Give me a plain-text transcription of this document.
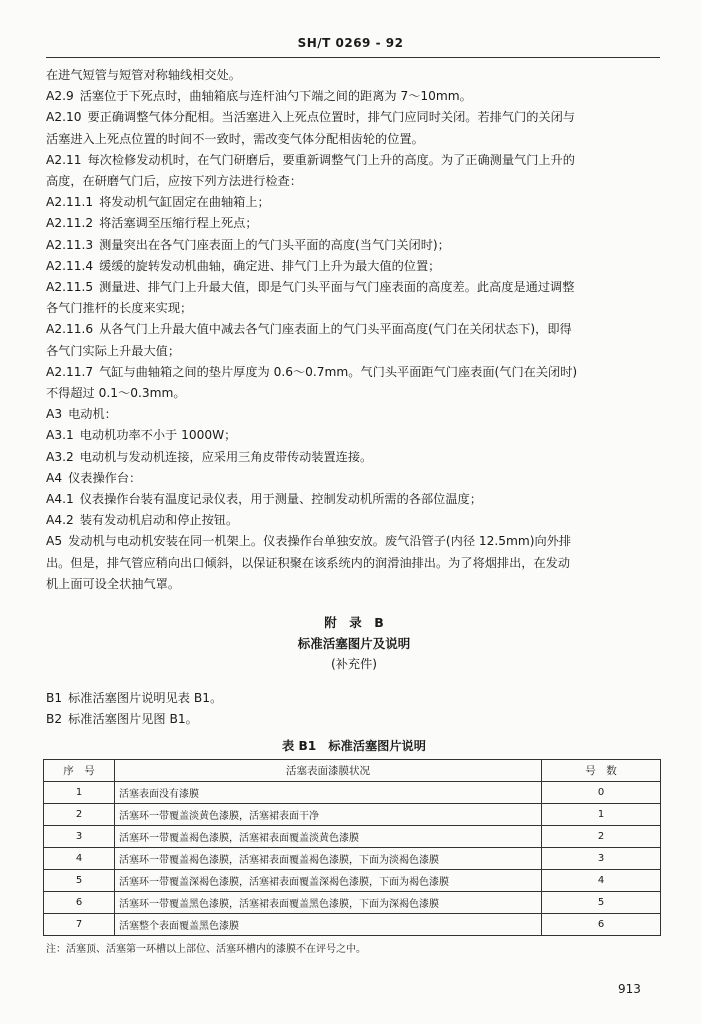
SH/T 0269 - 92

在进气短管与短管对称轴线相交处。

A2.9 活塞位于下死点时，曲轴箱底与连杆油勺下端之间的距离为 7～10mm。

A2.10 要正确调整气体分配相。当活塞进入上死点位置时，排气门应同时关闭。若排气门的关闭与

活塞进入上死点位置的时间不一致时，需改变气体分配相齿轮的位置。

A2.11 每次检修发动机时，在气门研磨后，要重新调整气门上升的高度。为了正确测量气门上升的

高度，在研磨气门后，应按下列方法进行检查：

A2.11.1 将发动机气缸固定在曲轴箱上；

A2.11.2 将活塞调至压缩行程上死点；

A2.11.3 测量突出在各气门座表面上的气门头平面的高度(当气门关闭时)；

A2.11.4 缓缓的旋转发动机曲轴，确定进、排气门上升为最大值的位置；

A2.11.5 测量进、排气门上升最大值，即是气门头平面与气门座表面的高度差。此高度是通过调整

各气门推杆的长度来实现；

A2.11.6 从各气门上升最大值中减去各气门座表面上的气门头平面高度(气门在关闭状态下)，即得

各气门实际上升最大值；

A2.11.7 气缸与曲轴箱之间的垫片厚度为 0.6～0.7mm。气门头平面距气门座表面(气门在关闭时)

不得超过 0.1～0.3mm。

A3 电动机：

A3.1 电动机功率不小于 1000W；

A3.2 电动机与发动机连接，应采用三角皮带传动装置连接。

A4 仪表操作台：

A4.1 仪表操作台装有温度记录仪表，用于测量、控制发动机所需的各部位温度；

A4.2 装有发动机启动和停止按钮。

A5 发动机与电动机安装在同一机架上。仪表操作台单独安放。废气沿管子(内径 12.5mm)向外排

出。但是，排气管应稍向出口倾斜，以保证积聚在该系统内的润滑油排出。为了将烟排出，在发动

机上面可设全状抽气罩。

附　录　B

标准活塞图片及说明

(补充件)

B1 标准活塞图片说明见表 B1。

B2 标准活塞图片见图 B1。

表 B1　标准活塞图片说明

序　号	活塞表面漆膜状况	号　数
1	活塞表面没有漆膜	0
2	活塞环一带覆盖淡黄色漆膜，活塞裙表面干净	1
3	活塞环一带覆盖褐色漆膜，活塞裙表面覆盖淡黄色漆膜	2
4	活塞环一带覆盖褐色漆膜，活塞裙表面覆盖褐色漆膜，下面为淡褐色漆膜	3
5	活塞环一带覆盖深褐色漆膜，活塞裙表面覆盖深褐色漆膜，下面为褐色漆膜	4
6	活塞环一带覆盖黑色漆膜，活塞裙表面覆盖黑色漆膜，下面为深褐色漆膜	5
7	活塞整个表面覆盖黑色漆膜	6
注：活塞顶、活塞第一环槽以上部位、活塞环槽内的漆膜不在评号之中。
913
